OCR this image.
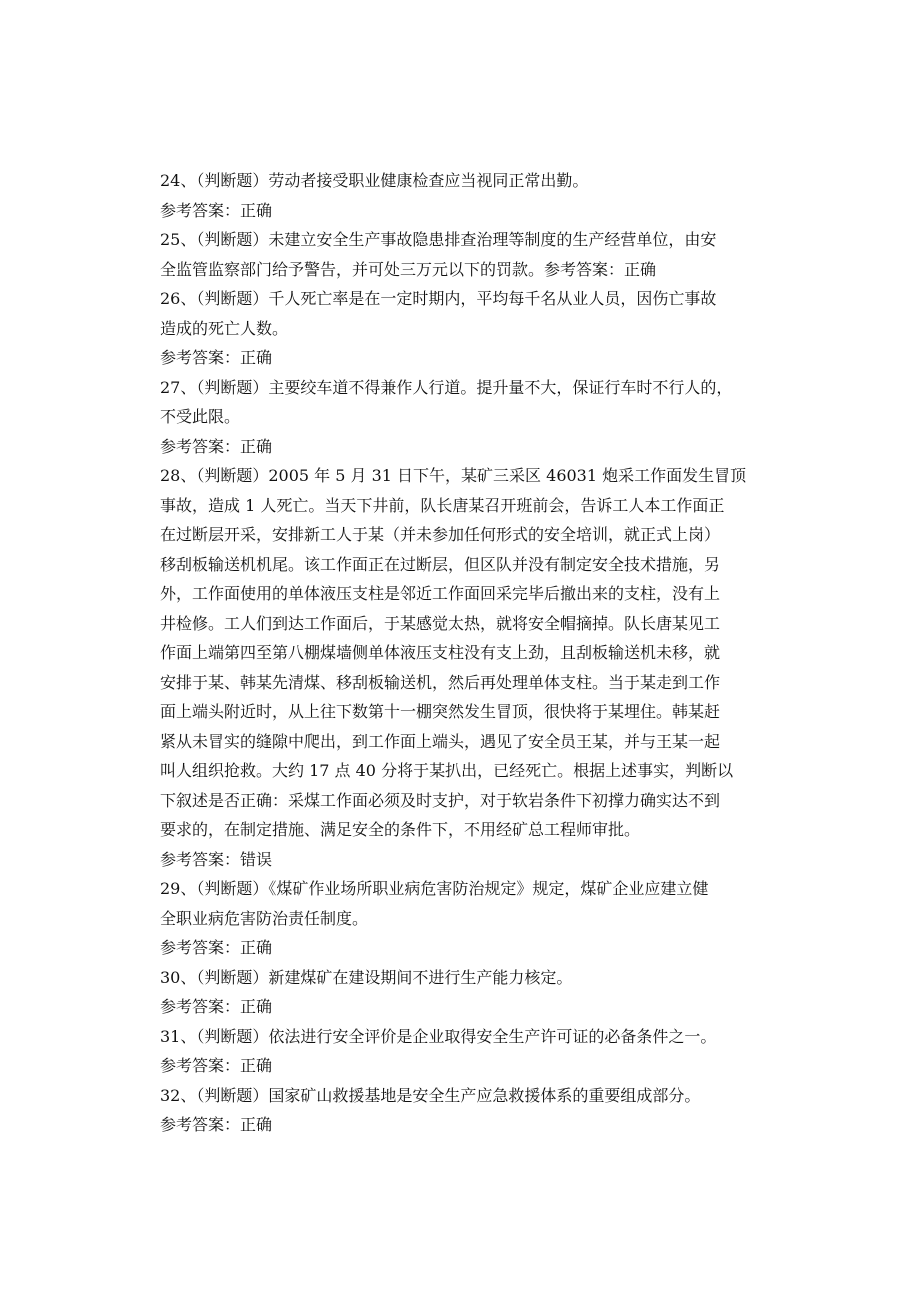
24、（判断题）劳动者接受职业健康检查应当视同正常出勤。
参考答案：正确
25、（判断题）未建立安全生产事故隐患排查治理等制度的生产经营单位，由安
全监管监察部门给予警告，并可处三万元以下的罚款。参考答案：正确
26、（判断题）千人死亡率是在一定时期内，平均每千名从业人员，因伤亡事故
造成的死亡人数。
参考答案：正确
27、（判断题）主要绞车道不得兼作人行道。提升量不大，保证行车时不行人的，
不受此限。
参考答案：正确
28、（判断题）2005 年 5 月 31 日下午，某矿三采区 46031 炮采工作面发生冒顶
事故，造成 1 人死亡。当天下井前，队长唐某召开班前会，告诉工人本工作面正
在过断层开采，安排新工人于某（并未参加任何形式的安全培训，就正式上岗）
移刮板输送机机尾。该工作面正在过断层，但区队并没有制定安全技术措施，另
外，工作面使用的单体液压支柱是邻近工作面回采完毕后撤出来的支柱，没有上
井检修。工人们到达工作面后，于某感觉太热，就将安全帽摘掉。队长唐某见工
作面上端第四至第八棚煤墙侧单体液压支柱没有支上劲，且刮板输送机未移，就
安排于某、韩某先清煤、移刮板输送机，然后再处理单体支柱。当于某走到工作
面上端头附近时，从上往下数第十一棚突然发生冒顶，很快将于某埋住。韩某赶
紧从未冒实的缝隙中爬出，到工作面上端头，遇见了安全员王某，并与王某一起
叫人组织抢救。大约 17 点 40 分将于某扒出，已经死亡。根据上述事实，判断以
下叙述是否正确：采煤工作面必须及时支护，对于软岩条件下初撑力确实达不到
要求的，在制定措施、满足安全的条件下，不用经矿总工程师审批。
参考答案：错误
29、（判断题）《煤矿作业场所职业病危害防治规定》规定，煤矿企业应建立健
全职业病危害防治责任制度。
参考答案：正确
30、（判断题）新建煤矿在建设期间不进行生产能力核定。
参考答案：正确
31、（判断题）依法进行安全评价是企业取得安全生产许可证的必备条件之一。
参考答案：正确
32、（判断题）国家矿山救援基地是安全生产应急救援体系的重要组成部分。
参考答案：正确
